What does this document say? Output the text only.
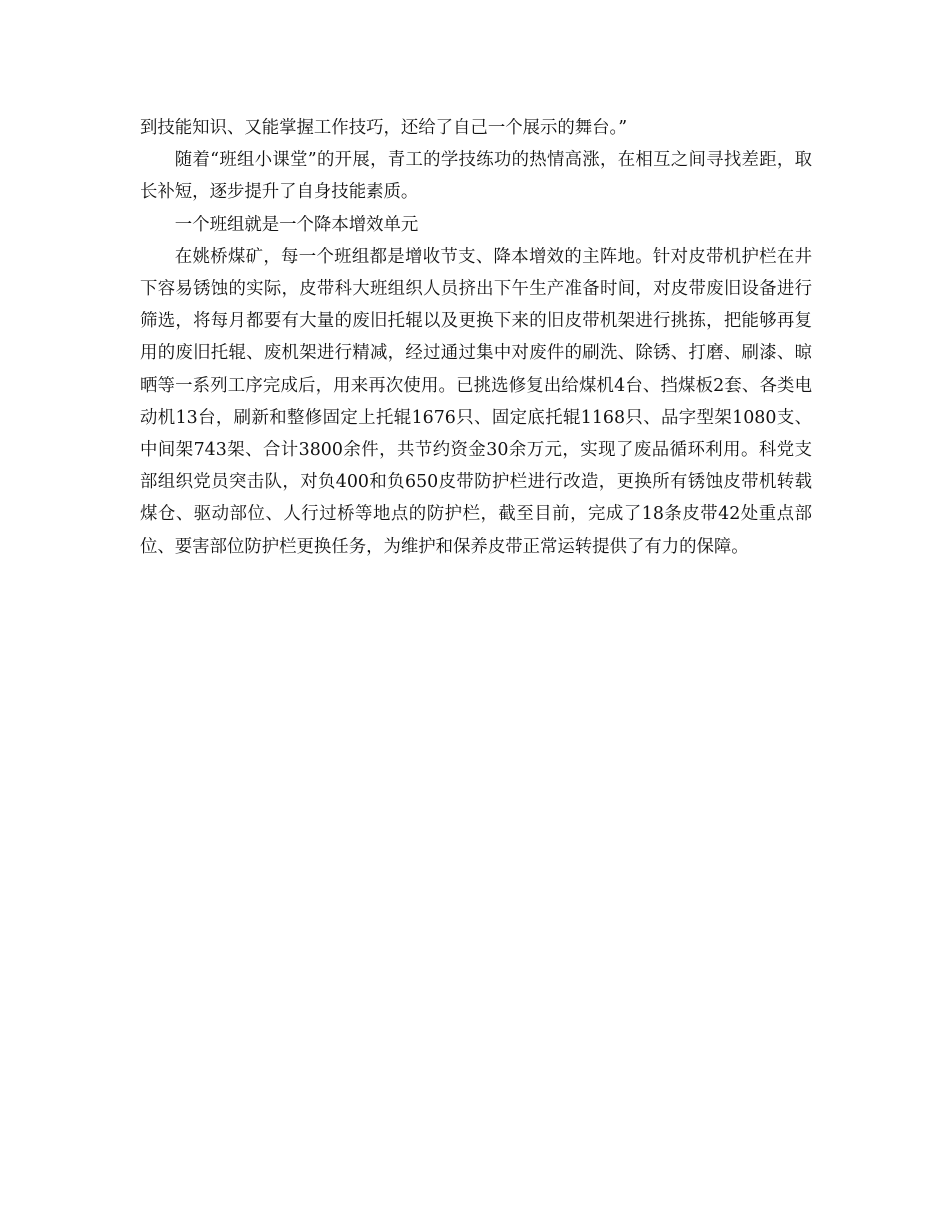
到技能知识、又能掌握工作技巧，还给了自己一个展示的舞台。”

随着“班组小课堂”的开展，青工的学技练功的热情高涨，在相互之间寻找差距，取长补短，逐步提升了自身技能素质。

一个班组就是一个降本增效单元

在姚桥煤矿，每一个班组都是增收节支、降本增效的主阵地。针对皮带机护栏在井下容易锈蚀的实际，皮带科大班组织人员挤出下午生产准备时间，对皮带废旧设备进行筛选，将每月都要有大量的废旧托辊以及更换下来的旧皮带机架进行挑拣，把能够再复用的废旧托辊、废机架进行精减，经过通过集中对废件的刷洗、除锈、打磨、刷漆、晾晒等一系列工序完成后，用来再次使用。已挑选修复出给煤机4台、挡煤板2套、各类电动机13台，刷新和整修固定上托辊1676只、固定底托辊1168只、品字型架1080支、中间架743架、合计3800余件，共节约资金30余万元，实现了废品循环利用。科党支部组织党员突击队，对负400和负650皮带防护栏进行改造，更换所有锈蚀皮带机转载煤仓、驱动部位、人行过桥等地点的防护栏，截至目前，完成了18条皮带42处重点部位、要害部位防护栏更换任务，为维护和保养皮带正常运转提供了有力的保障。
